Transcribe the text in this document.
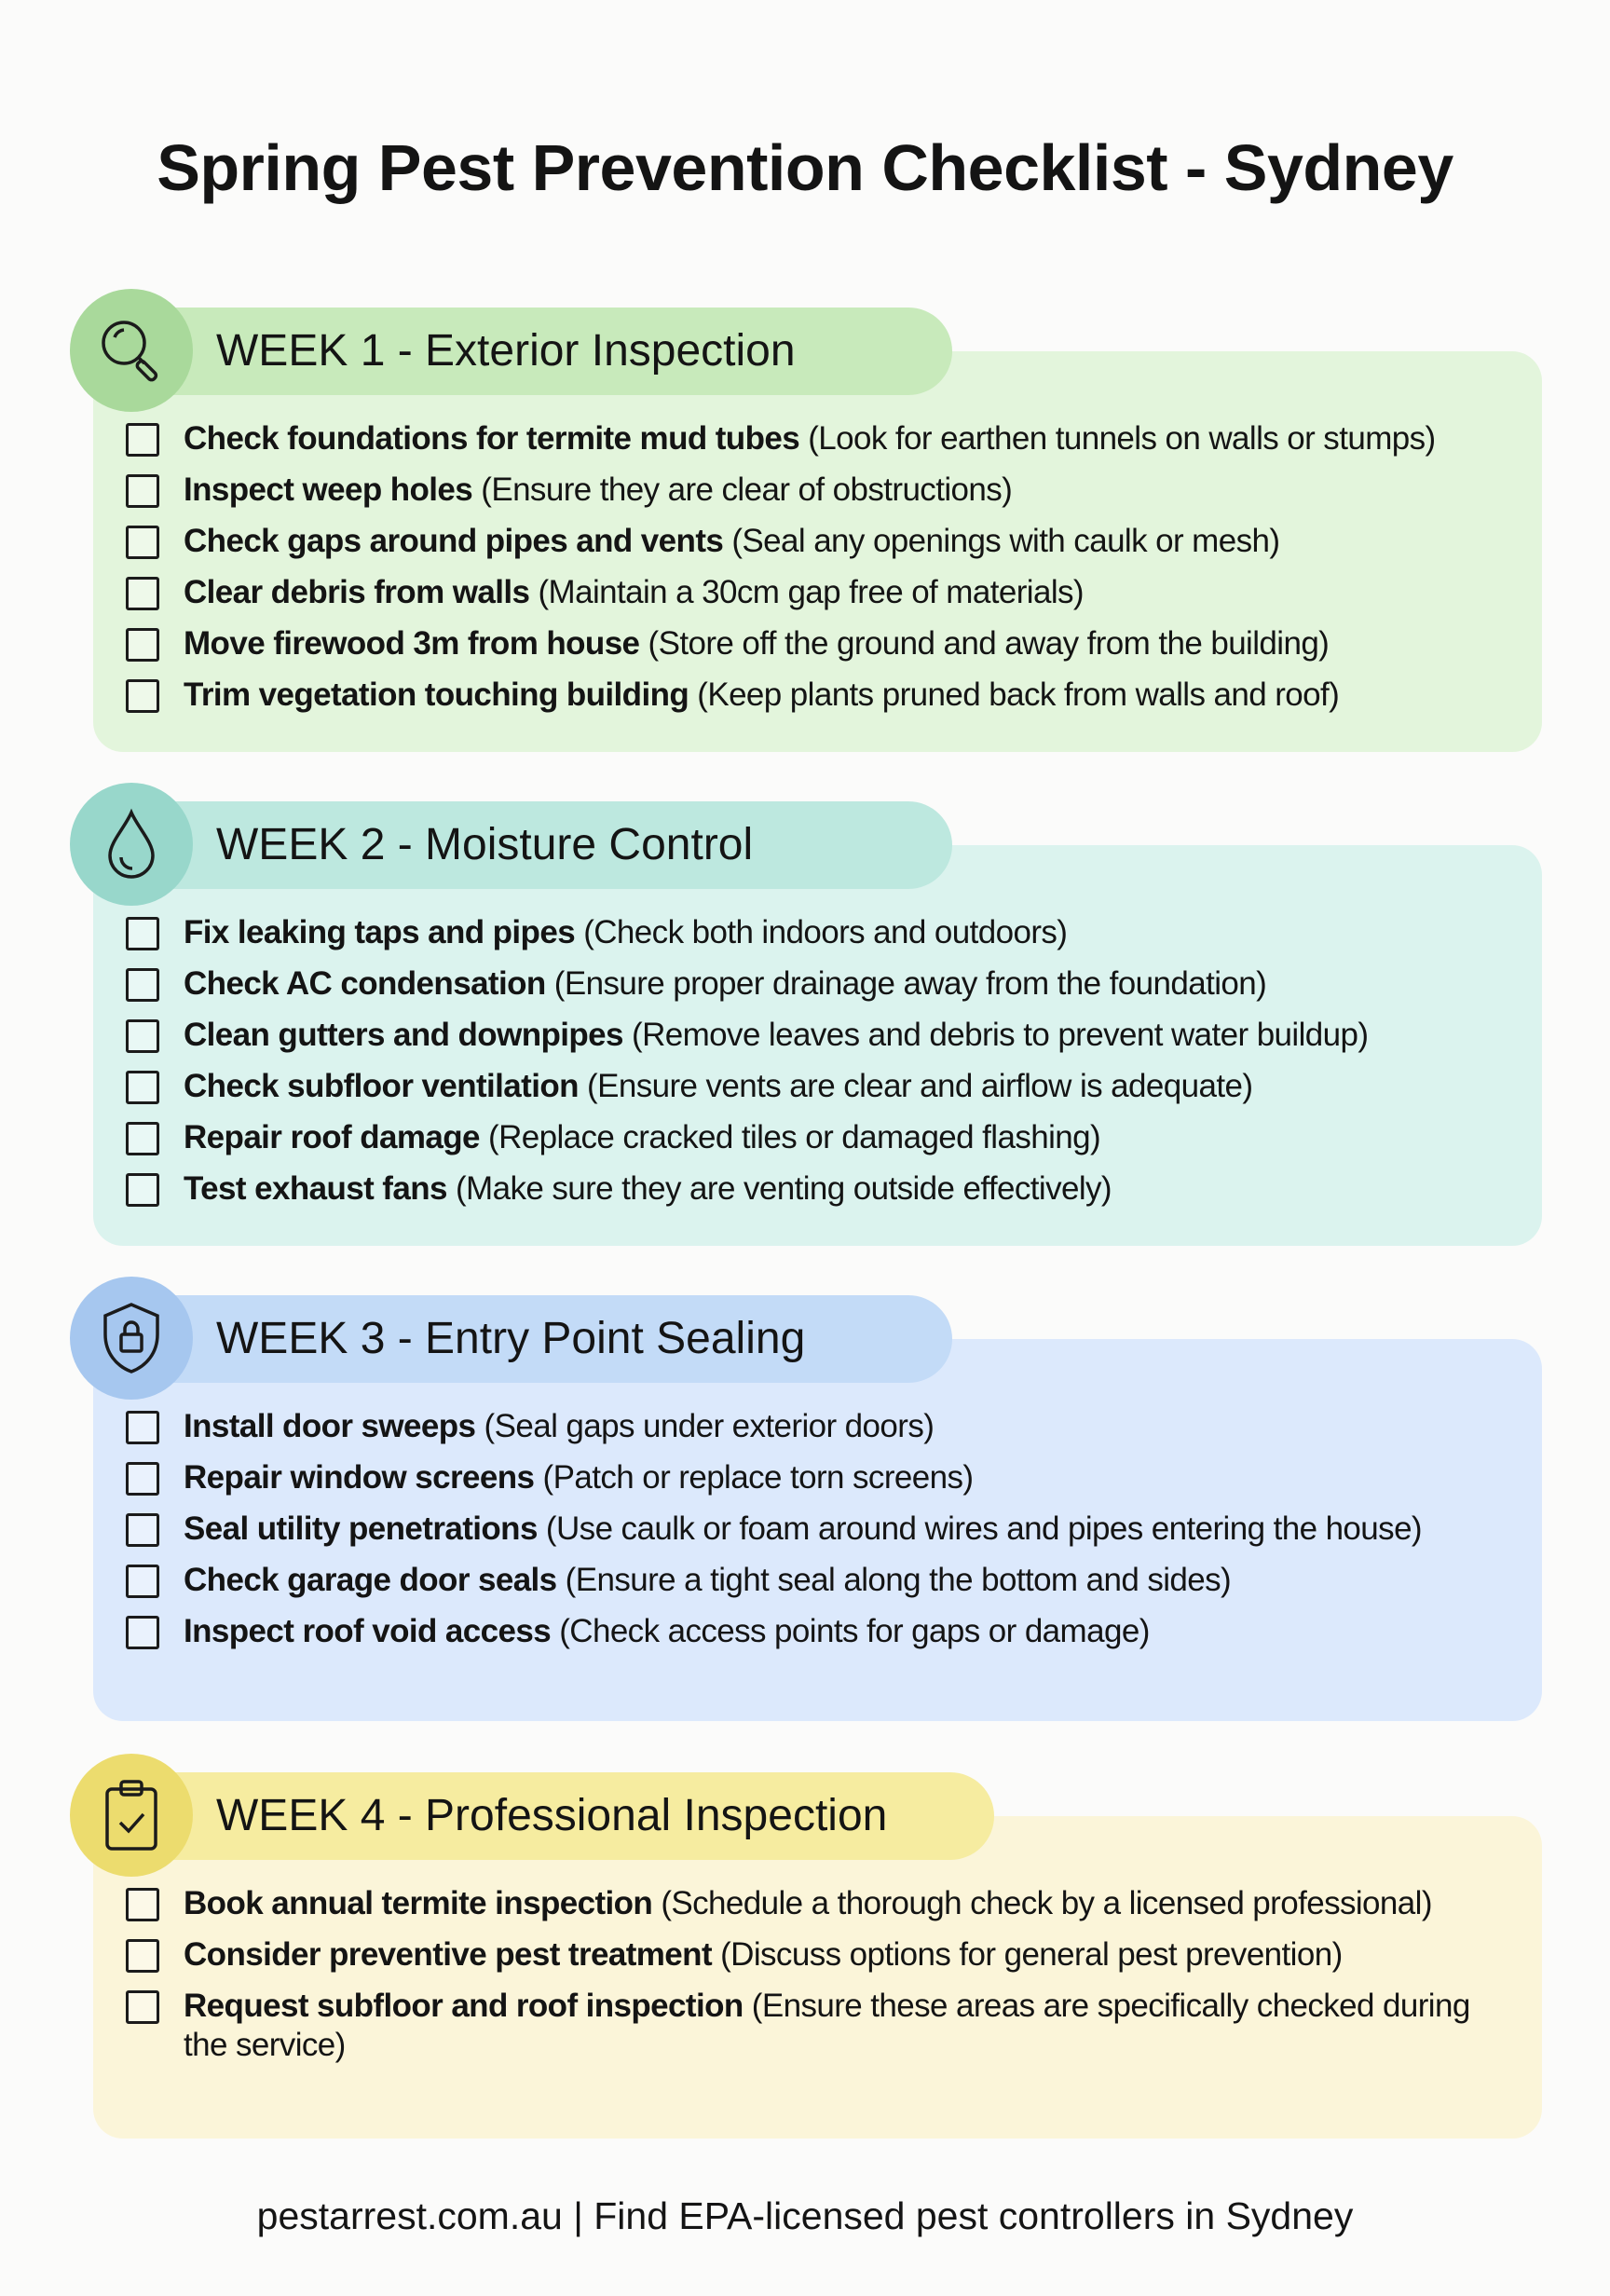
Spring Pest Prevention Checklist - Sydney
WEEK 1 - Exterior Inspection
Check foundations for termite mud tubes (Look for earthen tunnels on walls or stumps)
Inspect weep holes (Ensure they are clear of obstructions)
Check gaps around pipes and vents (Seal any openings with caulk or mesh)
Clear debris from walls (Maintain a 30cm gap free of materials)
Move firewood 3m from house (Store off the ground and away from the building)
Trim vegetation touching building (Keep plants pruned back from walls and roof)
WEEK 2 - Moisture Control
Fix leaking taps and pipes (Check both indoors and outdoors)
Check AC condensation (Ensure proper drainage away from the foundation)
Clean gutters and downpipes (Remove leaves and debris to prevent water buildup)
Check subfloor ventilation (Ensure vents are clear and airflow is adequate)
Repair roof damage (Replace cracked tiles or damaged flashing)
Test exhaust fans (Make sure they are venting outside effectively)
WEEK 3 - Entry Point Sealing
Install door sweeps (Seal gaps under exterior doors)
Repair window screens (Patch or replace torn screens)
Seal utility penetrations (Use caulk or foam around wires and pipes entering the house)
Check garage door seals (Ensure a tight seal along the bottom and sides)
Inspect roof void access (Check access points for gaps or damage)
WEEK 4 - Professional Inspection
Book annual termite inspection (Schedule a thorough check by a licensed professional)
Consider preventive pest treatment (Discuss options for general pest prevention)
Request subfloor and roof inspection (Ensure these areas are specifically checked during the service)
pestarrest.com.au | Find EPA-licensed pest controllers in Sydney
